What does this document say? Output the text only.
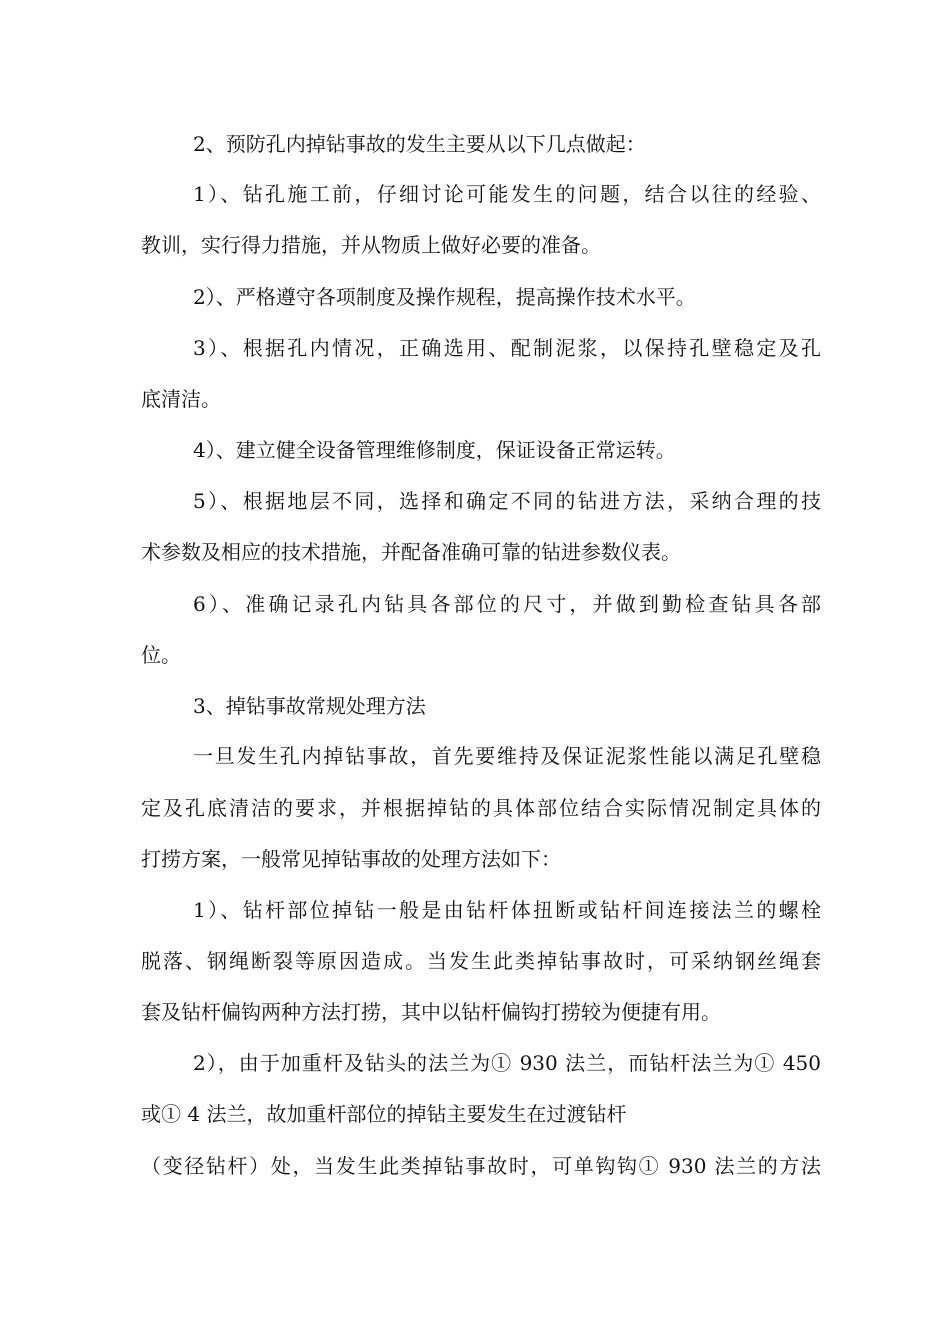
2、预防孔内掉钻事故的发生主要从以下几点做起：
1）、钻孔施工前，仔细讨论可能发生的问题，结合以往的经验、
教训，实行得力措施，并从物质上做好必要的准备。
2）、严格遵守各项制度及操作规程，提高操作技术水平。
3）、根据孔内情况，正确选用、配制泥浆，以保持孔壁稳定及孔
底清洁。
4）、建立健全设备管理维修制度，保证设备正常运转。
5）、根据地层不同，选择和确定不同的钻进方法，采纳合理的技
术参数及相应的技术措施，并配备准确可靠的钻进参数仪表。
6）、准确记录孔内钻具各部位的尺寸，并做到勤检查钻具各部
位。
3、掉钻事故常规处理方法
一旦发生孔内掉钻事故，首先要维持及保证泥浆性能以满足孔壁稳
定及孔底清洁的要求，并根据掉钻的具体部位结合实际情况制定具体的
打捞方案，一般常见掉钻事故的处理方法如下：
1）、钻杆部位掉钻一般是由钻杆体扭断或钻杆间连接法兰的螺栓
脱落、钢绳断裂等原因造成。当发生此类掉钻事故时，可采纳钢丝绳套
套及钻杆偏钩两种方法打捞，其中以钻杆偏钩打捞较为便捷有用。
2），由于加重杆及钻头的法兰为① 930 法兰，而钻杆法兰为① 450
或① 4 法兰，故加重杆部位的掉钻主要发生在过渡钻杆
（变径钻杆）处，当发生此类掉钻事故时，可单钩钩① 930 法兰的方法
